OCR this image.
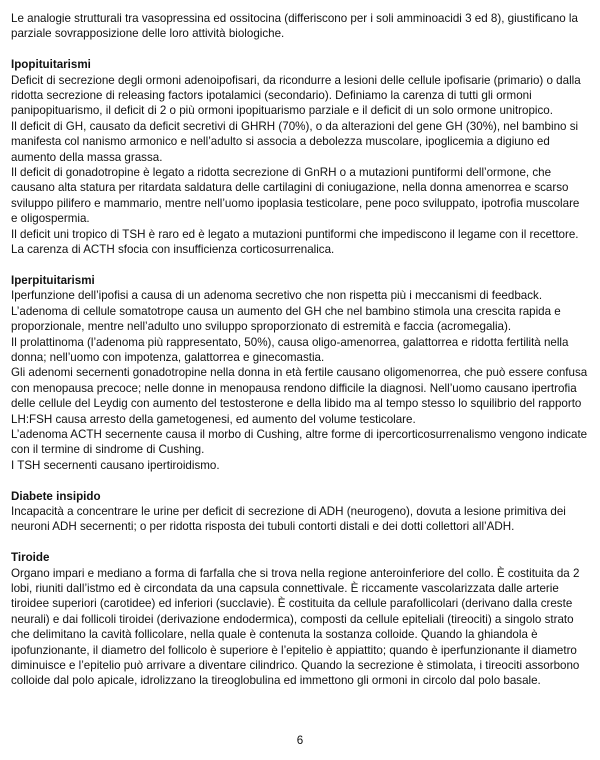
Le analogie strutturali tra vasopressina ed ossitocina (differiscono per i soli amminoacidi 3 ed 8), giustificano la parziale sovrapposizione delle loro attività biologiche.

Ipopituitarismi

Deficit di secrezione degli ormoni adenoipofisari, da ricondurre a lesioni delle cellule ipofisarie (primario) o dalla ridotta secrezione di releasing factors ipotalamici (secondario). Definiamo la carenza di tutti gli ormoni panipopituarismo, il deficit di 2 o più ormoni ipopituarismo parziale e il deficit di un solo ormone unitropico.

Il deficit di GH, causato da deficit secretivi di GHRH (70%), o da alterazioni del gene GH (30%), nel bambino si manifesta col nanismo armonico e nell’adulto si associa a debolezza muscolare, ipoglicemia a digiuno ed aumento della massa grassa.

Il deficit di gonadotropine è legato a ridotta secrezione di GnRH o a mutazioni puntiformi dell’ormone, che causano alta statura per ritardata saldatura delle cartilagini di coniugazione, nella donna amenorrea e scarso sviluppo pilifero e mammario, mentre nell’uomo ipoplasia testicolare, pene poco sviluppato, ipotrofia muscolare e oligospermia.

Il deficit uni tropico di TSH è raro ed è legato a mutazioni puntiformi che impediscono il legame con il recettore.

La carenza di ACTH sfocia con insufficienza corticosurrenalica.

Iperpituitarismi

Iperfunzione dell’ipofisi a causa di un adenoma secretivo che non rispetta più i meccanismi di feedback.

L’adenoma di cellule somatotrope causa un aumento del GH che nel bambino stimola una crescita rapida e proporzionale, mentre nell’adulto uno sviluppo sproporzionato di estremità e faccia (acromegalia).

Il prolattinoma (l’adenoma più rappresentato, 50%), causa oligo-amenorrea, galattorrea e ridotta fertilità nella donna; nell’uomo con impotenza, galattorrea e ginecomastia.

Gli adenomi secernenti gonadotropine nella donna in età fertile causano oligomenorrea, che può essere confusa con menopausa precoce; nelle donne in menopausa rendono difficile la diagnosi. Nell’uomo causano ipertrofia delle cellule del Leydig con aumento del testosterone e della libido ma al tempo stesso lo squilibrio del rapporto LH:FSH causa arresto della gametogenesi, ed aumento del volume testicolare.

L’adenoma ACTH secernente causa il morbo di Cushing, altre forme di ipercorticosurrenalismo vengono indicate con il termine di sindrome di Cushing.

I TSH secernenti causano ipertiroidismo.

Diabete insipido

Incapacità a concentrare le urine per deficit di secrezione di ADH (neurogeno), dovuta a lesione primitiva dei neuroni ADH secernenti; o per ridotta risposta dei tubuli contorti distali e dei dotti collettori all’ADH.

Tiroide

Organo impari e mediano a forma di farfalla che si trova nella regione anteroinferiore del collo. È costituita da 2 lobi, riuniti dall’istmo ed è circondata da una capsula connettivale. È riccamente vascolarizzata dalle arterie tiroidee superiori (carotidee) ed inferiori (succlavie). È costituita da cellule parafollicolari (derivano dalla creste neurali) e dai follicoli tiroidei (derivazione endodermica), composti da cellule epiteliali (tireociti) a singolo strato che delimitano la cavità follicolare, nella quale è contenuta la sostanza colloide. Quando la ghiandola è ipofunzionante, il diametro del follicolo è superiore è l’epitelio è appiattito; quando è iperfunzionante il diametro diminuisce e l’epitelio può arrivare a diventare cilindrico. Quando la secrezione è stimolata, i tireociti assorbono colloide dal polo apicale, idrolizzano la tireoglobulina ed immettono gli ormoni in circolo dal polo basale.

6
